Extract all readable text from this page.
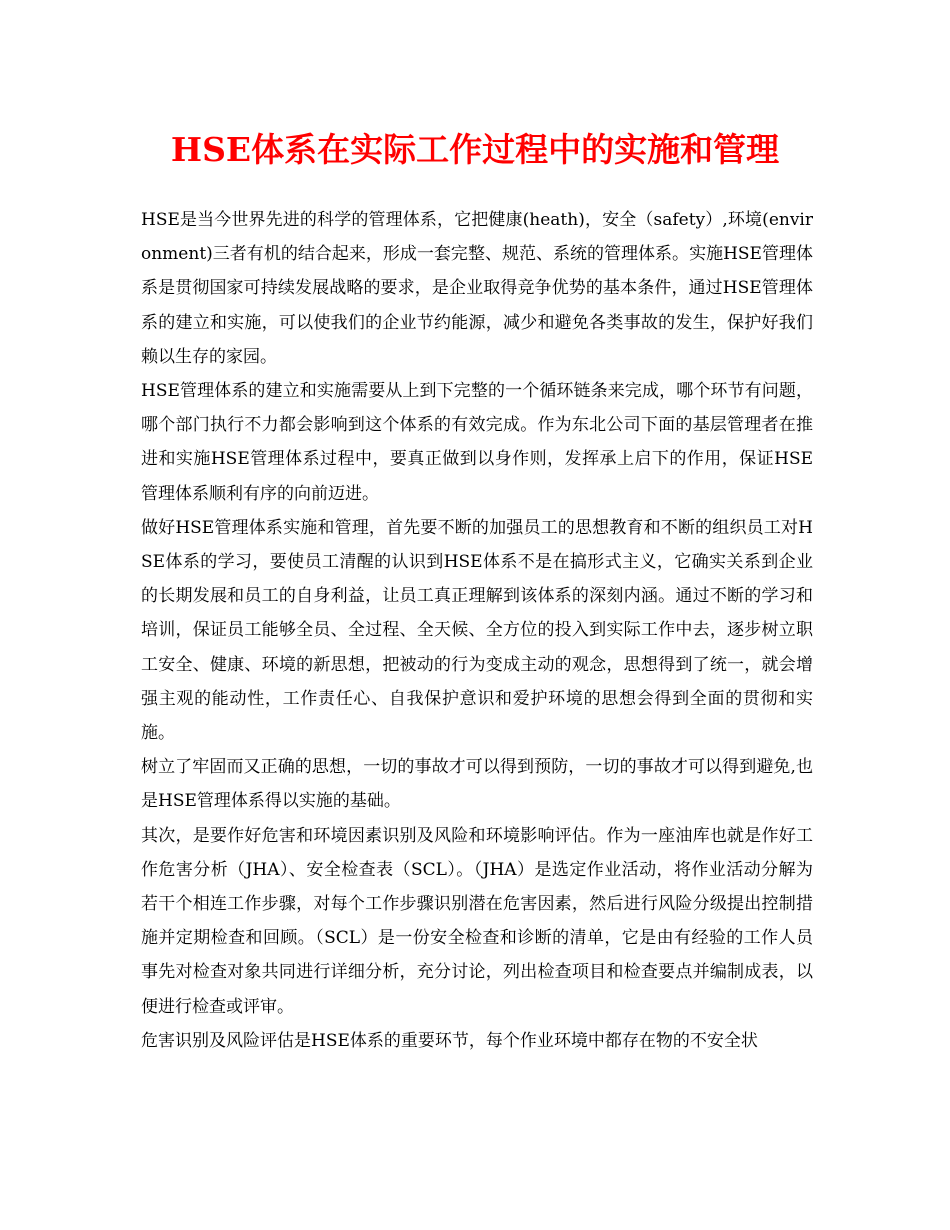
HSE体系在实际工作过程中的实施和管理

HSE是当今世界先进的科学的管理体系，它把健康(heath)，安全（safety）,环境(environment)三者有机的结合起来，形成一套完整、规范、系统的管理体系。实施HSE管理体系是贯彻国家可持续发展战略的要求，是企业取得竞争优势的基本条件，通过HSE管理体系的建立和实施，可以使我们的企业节约能源，减少和避免各类事故的发生，保护好我们赖以生存的家园。

HSE管理体系的建立和实施需要从上到下完整的一个循环链条来完成，哪个环节有问题，哪个部门执行不力都会影响到这个体系的有效完成。作为东北公司下面的基层管理者在推进和实施HSE管理体系过程中，要真正做到以身作则，发挥承上启下的作用，保证HSE管理体系顺利有序的向前迈进。

做好HSE管理体系实施和管理，首先要不断的加强员工的思想教育和不断的组织员工对HSE体系的学习，要使员工清醒的认识到HSE体系不是在搞形式主义，它确实关系到企业的长期发展和员工的自身利益，让员工真正理解到该体系的深刻内涵。通过不断的学习和培训，保证员工能够全员、全过程、全天候、全方位的投入到实际工作中去，逐步树立职工安全、健康、环境的新思想，把被动的行为变成主动的观念，思想得到了统一，就会增强主观的能动性，工作责任心、自我保护意识和爱护环境的思想会得到全面的贯彻和实施。

树立了牢固而又正确的思想，一切的事故才可以得到预防，一切的事故才可以得到避免,也是HSE管理体系得以实施的基础。

其次，是要作好危害和环境因素识别及风险和环境影响评估。作为一座油库也就是作好工作危害分析（JHA）、安全检查表（SCL）。（JHA）是选定作业活动，将作业活动分解为若干个相连工作步骤，对每个工作步骤识别潜在危害因素，然后进行风险分级提出控制措施并定期检查和回顾。（SCL）是一份安全检查和诊断的清单，它是由有经验的工作人员事先对检查对象共同进行详细分析，充分讨论，列出检查项目和检查要点并编制成表，以便进行检查或评审。

危害识别及风险评估是HSE体系的重要环节，每个作业环境中都存在物的不安全状
